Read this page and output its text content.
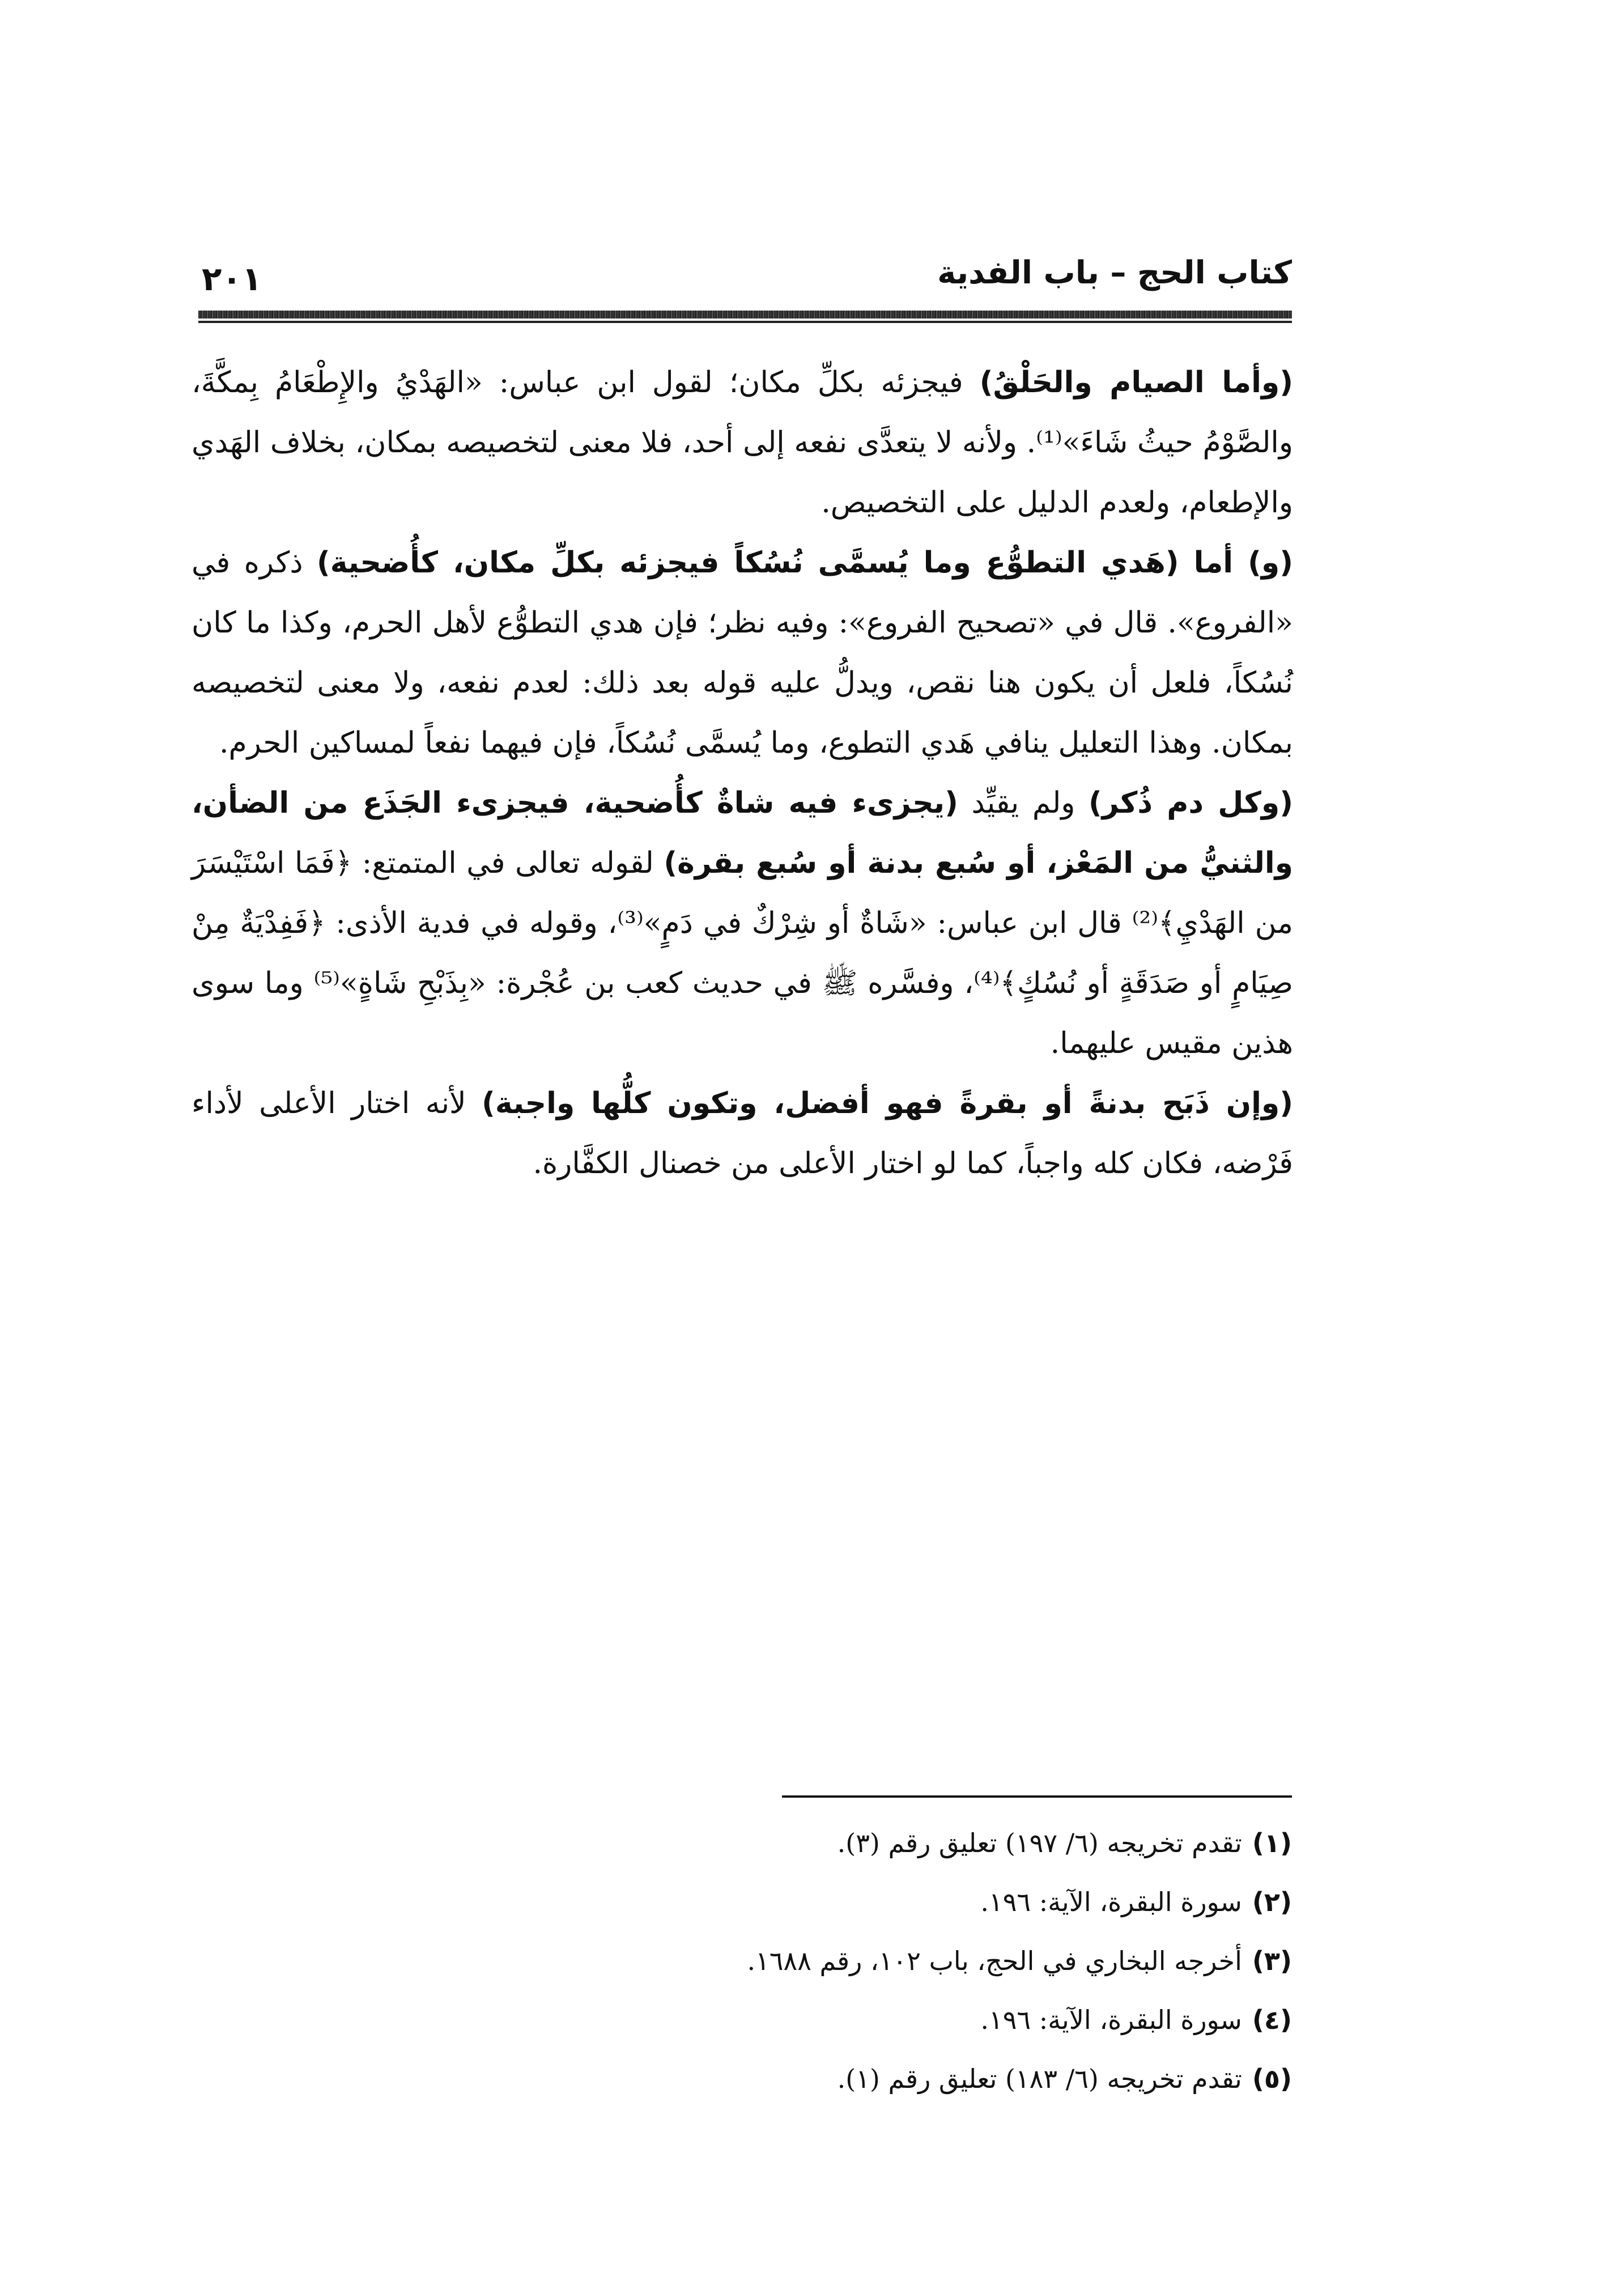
كتاب الحج – باب الفدية
٢٠١

(وأما الصيام والحَلْقُ) فيجزئه بكلِّ مكان؛ لقول ابن عباس: «الهَدْيُ والإِطْعَامُ بِمكَّةَ، والصَّوْمُ حيثُ شَاءَ»⁽¹⁾. ولأنه لا يتعدَّى نفعه إلى أحد، فلا معنى لتخصيصه بمكان، بخلاف الهَدي والإطعام، ولعدم الدليل على التخصيص.

(و) أما (هَدي التطوُّع وما يُسمَّى نُسُكاً فيجزئه بكلِّ مكان، كأُضحية) ذكره في «الفروع». قال في «تصحيح الفروع»: وفيه نظر؛ فإن هدي التطوُّع لأهل الحرم، وكذا ما كان نُسُكاً، فلعل أن يكون هنا نقص، ويدلُّ عليه قوله بعد ذلك: لعدم نفعه، ولا معنى لتخصيصه بمكان. وهذا التعليل ينافي هَدي التطوع، وما يُسمَّى نُسُكاً، فإن فيهما نفعاً لمساكين الحرم.

(وكل دم ذُكر) ولم يقيِّد (يجزىء فيه شاةٌ كأُضحية، فيجزىء الجَذَع من الضأن، والثنيُّ من المَعْز، أو سُبع بدنة أو سُبع بقرة) لقوله تعالى في المتمتع: ﴿فَمَا اسْتَيْسَرَ من الهَدْيِ﴾⁽²⁾ قال ابن عباس: «شَاةٌ أو شِرْكٌ في دَمٍ»⁽³⁾، وقوله في فدية الأذى: ﴿فَفِدْيَةٌ مِنْ صِيَامٍ أو صَدَقَةٍ أو نُسُكٍ﴾⁽⁴⁾، وفسَّره ﷺ في حديث كعب بن عُجْرة: «بِذَبْحِ شَاةٍ»⁽⁵⁾ وما سوى هذين مقيس عليهما.

(وإن ذَبَح بدنةً أو بقرةً فهو أفضل، وتكون كلُّها واجبة) لأنه اختار الأعلى لأداء فَرْضه، فكان كله واجباً، كما لو اختار الأعلى من خصنال الكفَّارة.

(١)تقدم تخريجه (٦/ ١٩٧) تعليق رقم (٣).

(٢)سورة البقرة، الآية: ١٩٦.

(٣)أخرجه البخاري في الحج، باب ١٠٢، رقم ١٦٨٨.

(٤)سورة البقرة، الآية: ١٩٦.

(٥)تقدم تخريجه (٦/ ١٨٣) تعليق رقم (١).
